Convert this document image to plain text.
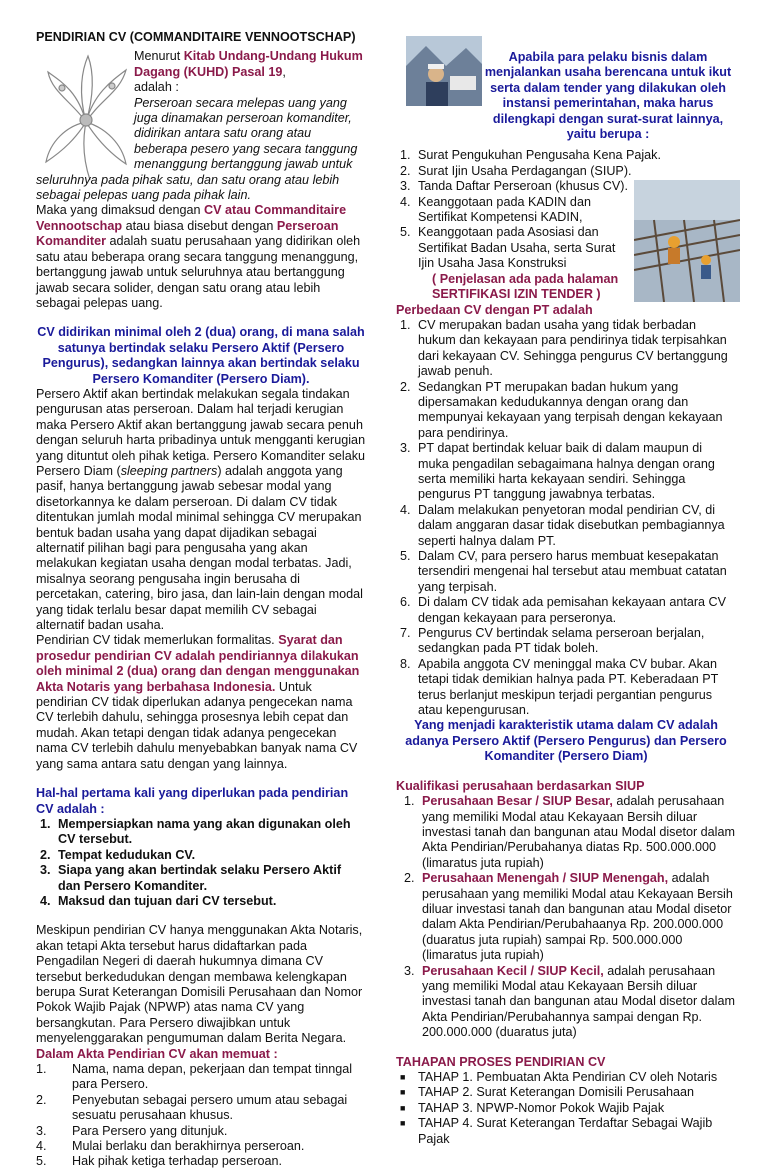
PENDIRIAN CV (COMMANDITAIRE VENNOOTSCHAP)

Menurut Kitab Undang-Undang Hukum Dagang (KUHD) Pasal 19,

adalah :

Perseroan secara melepas uang yang juga dinamakan perseroan komanditer, didirikan antara satu orang atau beberapa pesero yang secara tanggung menanggung bertanggung jawab untuk

seluruhnya pada pihak satu, dan satu orang atau lebih sebagai pelepas uang pada pihak lain.

Maka yang dimaksud dengan CV atau Commanditaire Vennootschap atau biasa disebut dengan Perseroan Komanditer adalah suatu perusahaan yang didirikan oleh satu atau beberapa orang secara tanggung menanggung, bertanggung jawab untuk seluruhnya atau bertanggung jawab secara solider, dengan satu orang atau lebih sebagai pelepas uang.

CV didirikan minimal oleh 2 (dua) orang, di mana salah satunya bertindak selaku Persero Aktif (Persero Pengurus), sedangkan lainnya akan bertindak selaku Persero Komanditer (Persero Diam).

Persero Aktif akan bertindak melakukan segala tindakan pengurusan atas perseroan. Dalam hal terjadi kerugian maka Persero Aktif akan bertanggung jawab secara penuh dengan seluruh harta pribadinya untuk mengganti kerugian yang dituntut oleh pihak ketiga. Persero Komanditer selaku Persero Diam (sleeping partners) adalah anggota yang pasif, hanya bertanggung jawab sebesar modal yang disetorkannya ke dalam perseroan. Di dalam CV tidak ditentukan jumlah modal minimal sehingga CV merupakan bentuk badan usaha yang dapat dijadikan sebagai alternatif pilihan bagi para pengusaha yang akan melakukan kegiatan usaha dengan modal terbatas. Jadi, misalnya seorang pengusaha ingin berusaha di percetakan, catering, biro jasa, dan lain-lain dengan modal yang tidak terlalu besar dapat memilih CV sebagai alternatif badan usaha.

Pendirian CV tidak memerlukan formalitas. Syarat dan prosedur pendirian CV adalah pendiriannya dilakukan oleh minimal 2 (dua) orang dan dengan menggunakan Akta Notaris yang berbahasa Indonesia. Untuk pendirian CV tidak diperlukan adanya pengecekan nama CV terlebih dahulu, sehingga prosesnya lebih cepat dan mudah. Akan tetapi dengan tidak adanya pengecekan nama CV terlebih dahulu menyebabkan banyak nama CV yang sama antara satu dengan yang lainnya.

Hal-hal pertama kali yang diperlukan pada pendirian CV adalah :

1. Mempersiapkan nama yang akan digunakan oleh CV tersebut.
2. Tempat kedudukan CV.
3. Siapa yang akan bertindak selaku Persero Aktif dan Persero Komanditer.
4. Maksud dan tujuan dari CV tersebut.

Meskipun pendirian CV hanya menggunakan Akta Notaris, akan tetapi Akta tersebut harus didaftarkan pada Pengadilan Negeri di daerah hukumnya dimana CV tersebut berkedudukan dengan membawa kelengkapan berupa Surat Keterangan Domisili Perusahaan dan Nomor Pokok Wajib Pajak (NPWP) atas nama CV yang bersangkutan. Para Persero diwajibkan untuk menyelenggarakan pengumuman dalam Berita Negara.

Dalam Akta Pendirian CV akan memuat :

1. Nama, nama depan, pekerjaan dan tempat tinngal para Persero.
2. Penyebutan sebagai persero umum atau sebagai sesuatu perusahaan khusus.
3. Para Persero yang ditunjuk.
4. Mulai berlaku dan berakhirnya perseroan.
5. Hak pihak ketiga terhadap perseroan.

Apabila para pelaku bisnis dalam menjalankan usaha berencana untuk ikut serta dalam tender yang dilakukan oleh instansi pemerintahan, maka harus dilengkapi dengan surat-surat lainnya, yaitu berupa :

1. Surat Pengukuhan Pengusaha Kena Pajak.
2. Surat Ijin Usaha Perdagangan (SIUP).
3. Tanda Daftar Perseroan (khusus CV).
4. Keanggotaan pada KADIN dan Sertifikat Kompetensi KADIN,
5. Keanggotaan pada Asosiasi dan Sertifikat Badan Usaha, serta Surat Ijin Usaha Jasa Konstruksi
( Penjelasan ada pada halaman SERTIFIKASI IZIN TENDER )

Perbedaan CV dengan PT adalah

1. CV merupakan badan usaha yang tidak berbadan hukum dan kekayaan para pendirinya tidak terpisahkan dari kekayaan CV. Sehingga pengurus CV bertanggung jawab penuh.
2. Sedangkan PT merupakan badan hukum yang dipersamakan kedudukannya dengan orang dan mempunyai kekayaan yang terpisah dengan kekayaan para pendirinya.
3. PT dapat bertindak keluar baik di dalam maupun di muka pengadilan sebagaimana halnya dengan orang serta memiliki harta kekayaan sendiri. Sehingga pengurus PT tanggung jawabnya terbatas.
4. Dalam melakukan penyetoran modal pendirian CV, di dalam anggaran dasar tidak disebutkan pembagiannya seperti halnya dalam PT.
5. Dalam CV, para persero harus membuat kesepakatan tersendiri mengenai hal tersebut atau membuat catatan yang terpisah.
6. Di dalam CV tidak ada pemisahan kekayaan antara CV dengan kekayaan para perseronya.
7. Pengurus CV bertindak selama perseroan berjalan, sedangkan pada PT tidak boleh.
8. Apabila anggota CV meninggal maka CV bubar. Akan tetapi tidak demikian halnya pada PT. Keberadaan PT terus berlanjut meskipun terjadi pergantian pengurus atau kepengurusan.

Yang menjadi karakteristik utama dalam CV adalah adanya Persero Aktif (Persero Pengurus) dan Persero Komanditer (Persero Diam)

Kualifikasi perusahaan berdasarkan SIUP

1. Perusahaan Besar / SIUP Besar, adalah perusahaan yang memiliki Modal atau Kekayaan Bersih diluar investasi tanah dan bangunan atau Modal disetor dalam Akta Pendirian/Perubahanya diatas Rp. 500.000.000 (limaratus juta rupiah)
2. Perusahaan Menengah / SIUP Menengah, adalah perusahaan yang memiliki Modal atau Kekayaan Bersih diluar investasi tanah dan bangunan atau Modal disetor dalam Akta Pendirian/Perubahaanya Rp. 200.000.000 (duaratus juta rupiah) sampai Rp. 500.000.000 (limaratus juta rupiah)
3. Perusahaan Kecil / SIUP Kecil, adalah perusahaan yang memiliki Modal atau Kekayaan Bersih diluar investasi tanah dan bangunan atau Modal disetor dalam Akta Pendirian/Perubahannya sampai dengan Rp. 200.000.000 (duaratus juta)

TAHAPAN PROSES PENDIRIAN CV

■ TAHAP 1. Pembuatan Akta Pendirian CV oleh Notaris
■ TAHAP 2. Surat Keterangan Domisili Perusahaan
■ TAHAP 3. NPWP-Nomor Pokok Wajib Pajak
■ TAHAP 4. Surat Keterangan Terdaftar Sebagai Wajib Pajak
